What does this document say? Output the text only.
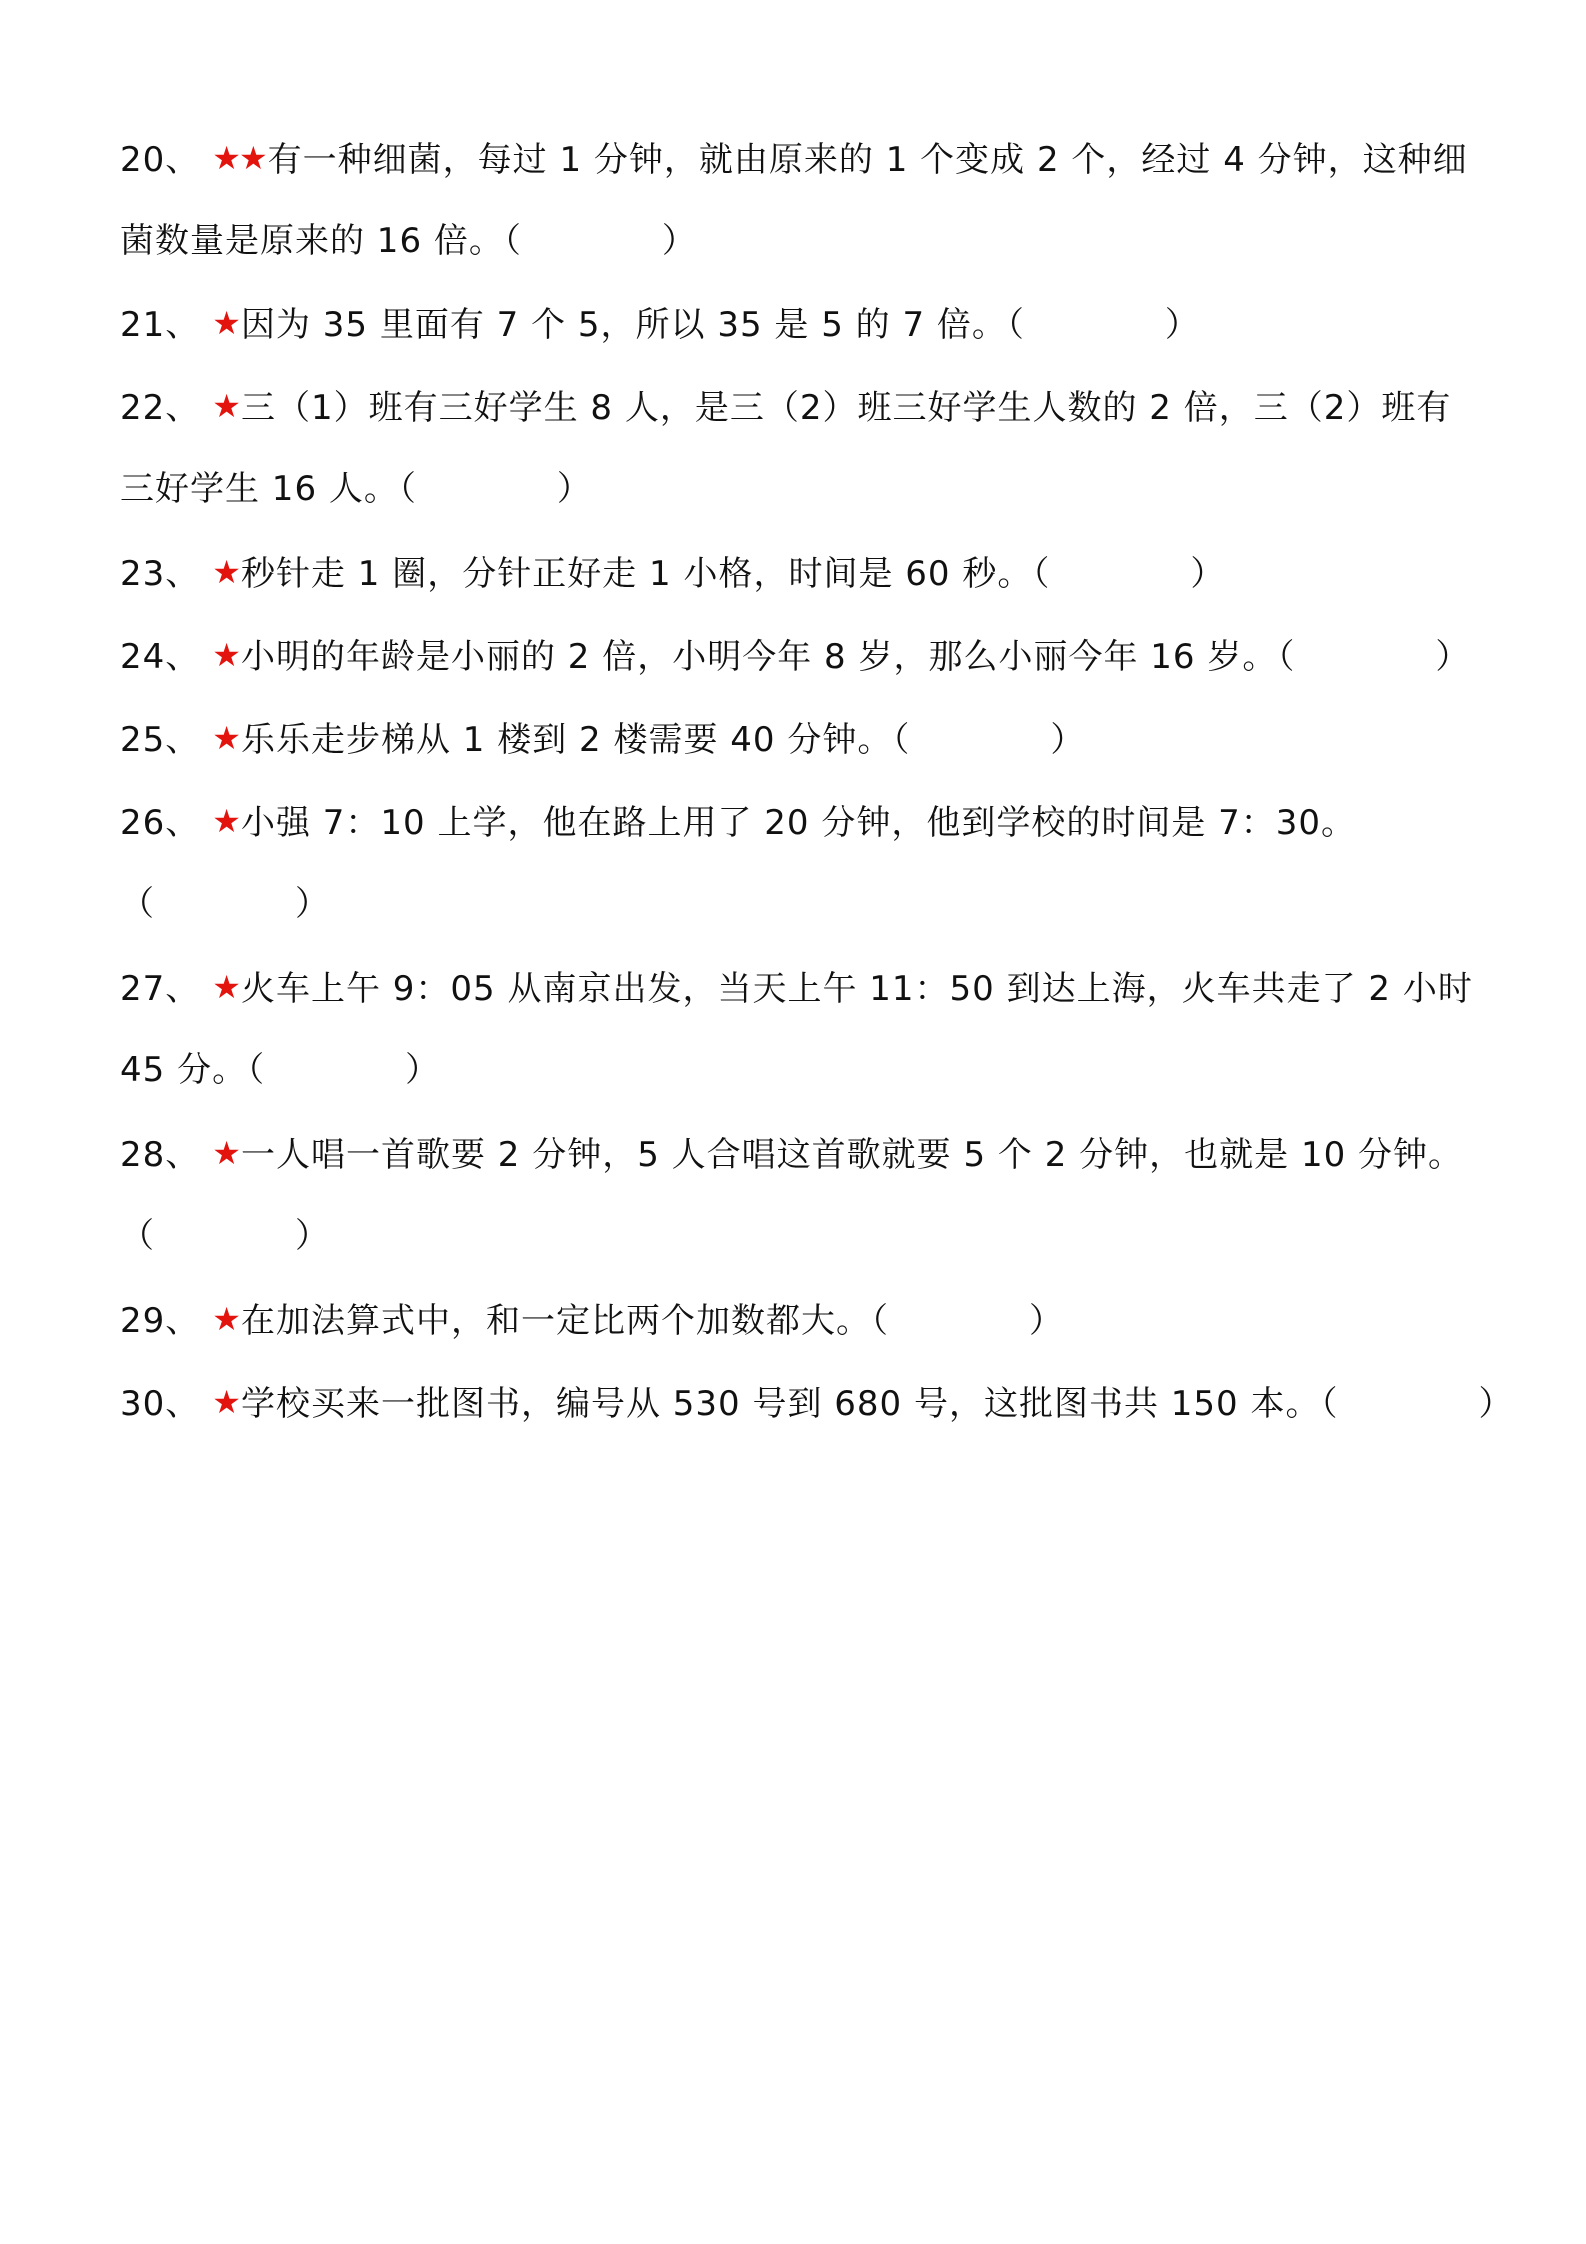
20、 ★★有一种细菌，每过 1 分钟，就由原来的 1 个变成 2 个，经过 4 分钟，这种细
菌数量是原来的 16 倍。（　　　　）
21、 ★因为 35 里面有 7 个 5，所以 35 是 5 的 7 倍。（　　　　）
22、 ★三（1）班有三好学生 8 人，是三（2）班三好学生人数的 2 倍，三（2）班有
三好学生 16 人。（　　　　）
23、 ★秒针走 1 圈，分针正好走 1 小格，时间是 60 秒。（　　　　）
24、 ★小明的年龄是小丽的 2 倍，小明今年 8 岁，那么小丽今年 16 岁。（　　　　）
25、 ★乐乐走步梯从 1 楼到 2 楼需要 40 分钟。（　　　　）
26、 ★小强 7：10 上学，他在路上用了 20 分钟，他到学校的时间是 7：30。
（　　　　）
27、 ★火车上午 9：05 从南京出发，当天上午 11：50 到达上海，火车共走了 2 小时
45 分。（　　　　）
28、 ★一人唱一首歌要 2 分钟，5 人合唱这首歌就要 5 个 2 分钟，也就是 10 分钟。
（　　　　）
29、 ★在加法算式中，和一定比两个加数都大。（　　　　）
30、 ★学校买来一批图书，编号从 530 号到 680 号，这批图书共 150 本。（　　　　）
